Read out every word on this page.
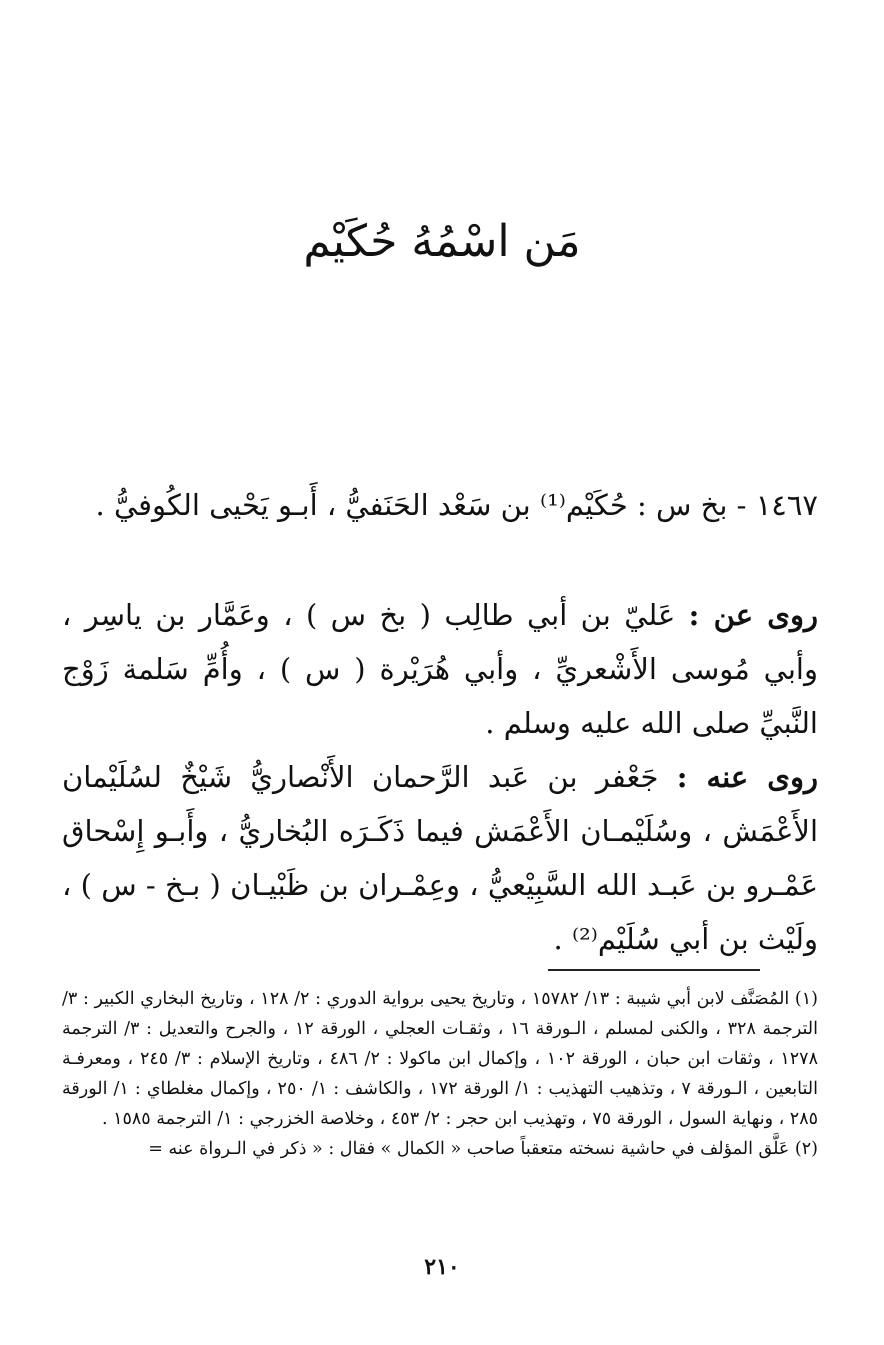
مَن اسْمُهُ حُكَيْم

١٤٦٧ - بخ س : حُكَيْم⁽¹⁾ بن سَعْد الحَنَفيُّ ، أَبـو يَحْيى الكُوفيُّ .

روى عن : عَليّ بن أبي طالِب ( بخ س ) ، وعَمَّار بن ياسِر ، وأبي مُوسى الأَشْعريِّ ، وأبي هُرَيْرة ( س ) ، وأُمِّ سَلمة زَوْج النَّبيِّ صلى الله عليه وسلم .

روى عنه : جَعْفر بن عَبد الرَّحمان الأَنْصاريُّ شَيْخٌ لسُلَيْمان الأَعْمَش ، وسُلَيْمـان الأَعْمَش فيما ذَكَـرَه البُخاريُّ ، وأَبـو إِسْحاق عَمْـرو بن عَبـد الله السَّبِيْعيُّ ، وعِمْـران بن ظَبْيـان ( بـخ - س ) ، ولَيْث بن أبي سُلَيْم⁽²⁾ .

(١) المُصَنَّف لابن أبي شيبة : ١٣/ ١٥٧٨٢ ، وتاريخ يحيى برواية الدوري : ٢/ ١٢٨ ، وتاريخ البخاري الكبير : ٣/ الترجمة ٣٢٨ ، والكنى لمسلم ، الـورقة ١٦ ، وثقـات العجلي ، الورقة ١٢ ، والجرح والتعديل : ٣/ الترجمة ١٢٧٨ ، وثقات ابن حبان ، الورقة ١٠٢ ، وإكمال ابن ماكولا : ٢/ ٤٨٦ ، وتاريخ الإسلام : ٣/ ٢٤٥ ، ومعرفـة التابعين ، الـورقة ٧ ، وتذهيب التهذيب : ١/ الورقة ١٧٢ ، والكاشف : ١/ ٢٥٠ ، وإكمال مغلطاي : ١/ الورقة ٢٨٥ ، ونهاية السول ، الورقة ٧٥ ، وتهذيب ابن حجر : ٢/ ٤٥٣ ، وخلاصة الخزرجي : ١/ الترجمة ١٥٨٥ .

(٢) عَلَّق المؤلف في حاشية نسخته متعقباً صاحب « الكمال » فقال : « ذكر في الـرواة عنه =

٢١٠
